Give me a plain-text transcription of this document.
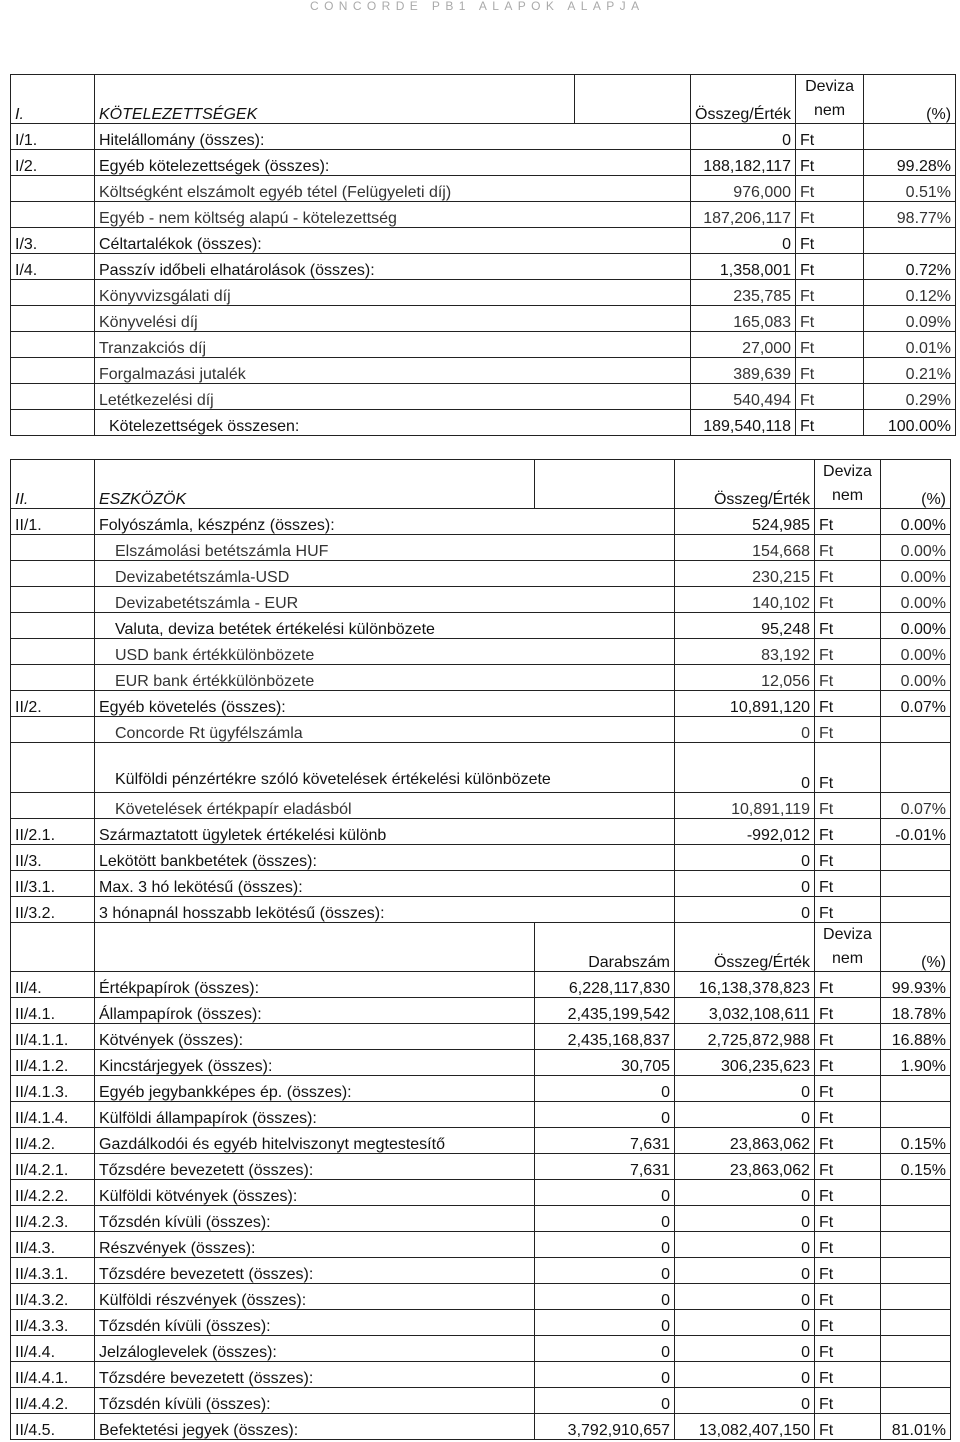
CONCORDE PB1 ALAPOK ALAPJA
I.	KÖTELEZETTSÉGEK		Összeg/Érték	Deviza
nem	(%)
I/1.	Hitelállomány (összes):		0	Ft	
I/2.	Egyéb kötelezettségek (összes):		188,182,117	Ft	99.28%
	Költségként elszámolt egyéb tétel (Felügyeleti díj)		976,000	Ft	0.51%
	Egyéb - nem költség alapú - kötelezettség		187,206,117	Ft	98.77%
I/3.	Céltartalékok (összes):		0	Ft	
I/4.	Passzív időbeli elhatárolások (összes):		1,358,001	Ft	0.72%
	Könyvvizsgálati díj		235,785	Ft	0.12%
	Könyvelési díj		165,083	Ft	0.09%
	Tranzakciós díj		27,000	Ft	0.01%
	Forgalmazási jutalék		389,639	Ft	0.21%
	Letétkezelési díj		540,494	Ft	0.29%
	Kötelezettségek összesen:		189,540,118	Ft	100.00%
II.	ESZKÖZÖK		Összeg/Érték	Deviza
nem	(%)
II/1.	Folyószámla, készpénz (összes):		524,985	Ft	0.00%
	Elszámolási betétszámla HUF		154,668	Ft	0.00%
	Devizabetétszámla-USD		230,215	Ft	0.00%
	Devizabetétszámla - EUR		140,102	Ft	0.00%
	Valuta, deviza betétek értékelési különbözete		95,248	Ft	0.00%
	USD bank értékkülönbözete		83,192	Ft	0.00%
	EUR bank értékkülönbözete		12,056	Ft	0.00%
II/2.	Egyéb követelés (összes):		10,891,120	Ft	0.07%
	Concorde Rt ügyfélszámla		0	Ft	
	Külföldi pénzértékre szóló követelések értékelési különbözete		0	Ft	
	Követelések értékpapír eladásból		10,891,119	Ft	0.07%
II/2.1.	Származtatott ügyletek értékelési különb		-992,012	Ft	-0.01%
II/3.	Lekötött bankbetétek (összes):		0	Ft	
II/3.1.	Max. 3 hó lekötésű (összes):		0	Ft	
II/3.2.	3 hónapnál hosszabb lekötésű (összes):		0	Ft	
		Darabszám	Összeg/Érték	Deviza
nem	(%)
II/4.	Értékpapírok (összes):	6,228,117,830	16,138,378,823	Ft	99.93%
II/4.1.	Állampapírok (összes):	2,435,199,542	3,032,108,611	Ft	18.78%
II/4.1.1.	Kötvények (összes):	2,435,168,837	2,725,872,988	Ft	16.88%
II/4.1.2.	Kincstárjegyek (összes):	30,705	306,235,623	Ft	1.90%
II/4.1.3.	Egyéb jegybankképes ép. (összes):	0	0	Ft	
II/4.1.4.	Külföldi állampapírok (összes):	0	0	Ft	
II/4.2.	Gazdálkodói és egyéb hitelviszonyt megtestesítő	7,631	23,863,062	Ft	0.15%
II/4.2.1.	Tőzsdére bevezetett (összes):	7,631	23,863,062	Ft	0.15%
II/4.2.2.	Külföldi kötvények (összes):	0	0	Ft	
II/4.2.3.	Tőzsdén kívüli (összes):	0	0	Ft	
II/4.3.	Részvények (összes):	0	0	Ft	
II/4.3.1.	Tőzsdére bevezetett (összes):	0	0	Ft	
II/4.3.2.	Külföldi részvények (összes):	0	0	Ft	
II/4.3.3.	Tőzsdén kívüli (összes):	0	0	Ft	
II/4.4.	Jelzáloglevelek (összes):	0	0	Ft	
II/4.4.1.	Tőzsdére bevezetett (összes):	0	0	Ft	
II/4.4.2.	Tőzsdén kívüli (összes):	0	0	Ft	
II/4.5.	Befektetési jegyek (összes):	3,792,910,657	13,082,407,150	Ft	81.01%
